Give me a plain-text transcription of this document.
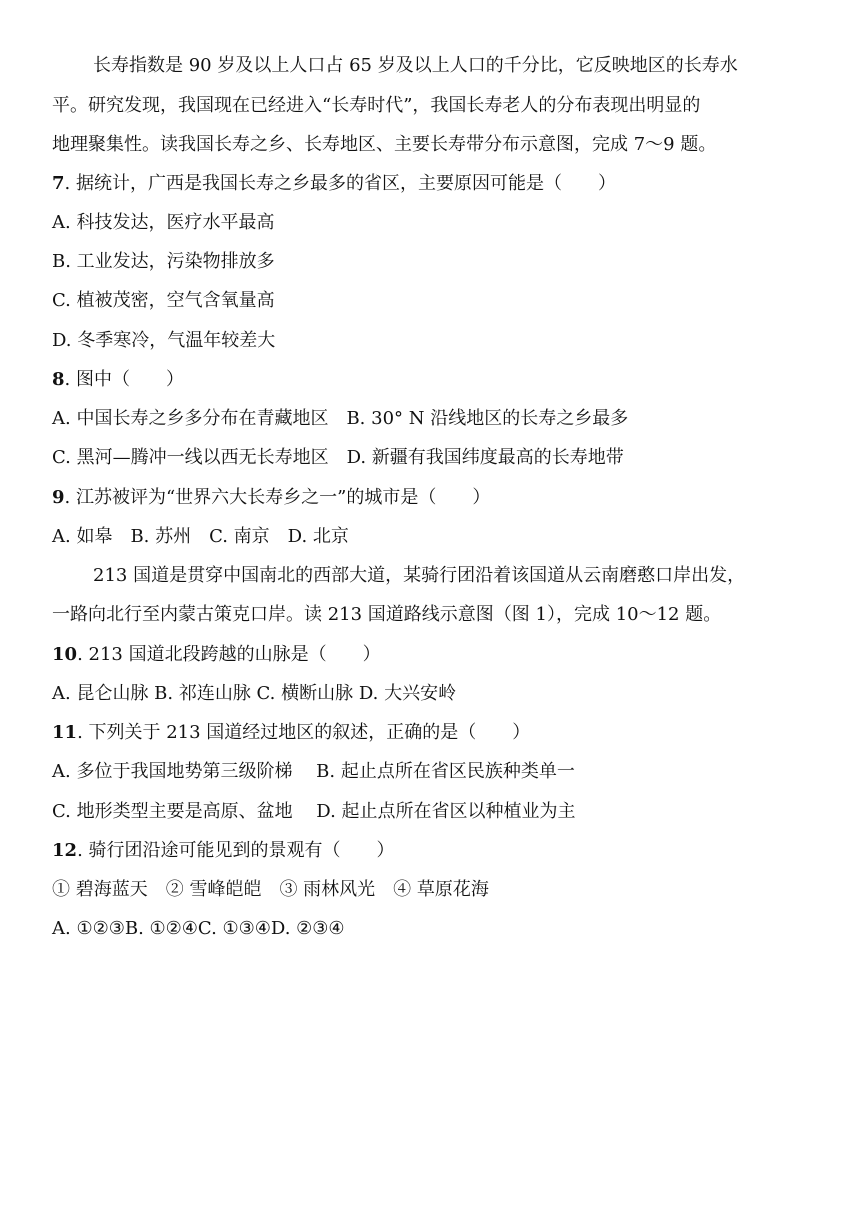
长寿指数是 90 岁及以上人口占 65 岁及以上人口的千分比，它反映地区的长寿水
平。研究发现，我国现在已经进入“长寿时代”，我国长寿老人的分布表现出明显的
地理聚集性。读我国长寿之乡、长寿地区、主要长寿带分布示意图，完成 7～9 题。
7. 据统计，广西是我国长寿之乡最多的省区，主要原因可能是（　　）
A. 科技发达，医疗水平最高
B. 工业发达，污染物排放多
C. 植被茂密，空气含氧量高
D. 冬季寒冷，气温年较差大
8. 图中（　　）
A. 中国长寿之乡多分布在青藏地区　B. 30° N 沿线地区的长寿之乡最多
C. 黑河—腾冲一线以西无长寿地区　D. 新疆有我国纬度最高的长寿地带
9. 江苏被评为“世界六大长寿乡之一”的城市是（　　）
A. 如皋　B. 苏州　C. 南京　D. 北京
213 国道是贯穿中国南北的西部大道，某骑行团沿着该国道从云南磨憨口岸出发，
一路向北行至内蒙古策克口岸。读 213 国道路线示意图（图 1），完成 10～12 题。
10. 213 国道北段跨越的山脉是（　　）
A. 昆仑山脉 B. 祁连山脉 C. 横断山脉 D. 大兴安岭
11. 下列关于 213 国道经过地区的叙述，正确的是（　　）
A. 多位于我国地势第三级阶梯　 B. 起止点所在省区民族种类单一
C. 地形类型主要是高原、盆地　 D. 起止点所在省区以种植业为主
12. 骑行团沿途可能见到的景观有（　　）
① 碧海蓝天　② 雪峰皑皑　③ 雨林风光　④ 草原花海
A. ①②③B. ①②④C. ①③④D. ②③④
